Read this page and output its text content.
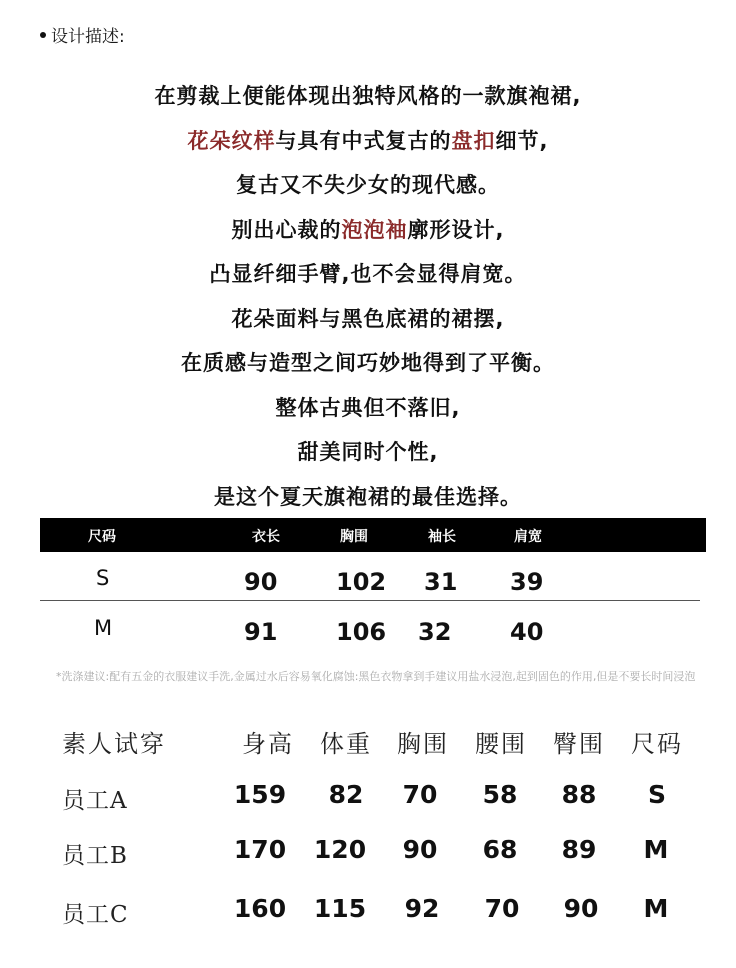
设计描述:
在剪裁上便能体现出独特风格的一款旗袍裙,
花朵纹样与具有中式复古的盘扣细节,
复古又不失少女的现代感。
别出心裁的泡泡袖廓形设计,
凸显纤细手臂,也不会显得肩宽。
花朵面料与黑色底裙的裙摆,
在质感与造型之间巧妙地得到了平衡。
整体古典但不落旧,
甜美同时个性,
是这个夏天旗袍裙的最佳选择。
尺码	衣长	胸围	袖长	肩宽
S	90 102 31 39
M	91 106 32 40
*洗涤建议:配有五金的衣服建议手洗,金属过水后容易氧化腐蚀:黑色衣物拿到手建议用盐水浸泡,起到固色的作用,但是不要长时间浸泡
素人试穿	身高 体重 胸围 腰围 臀围 尺码
员工A	159	82	70	58	88	S
员工B	170	120	90	68	89	M
员工C	160	115	92	70	90	M
